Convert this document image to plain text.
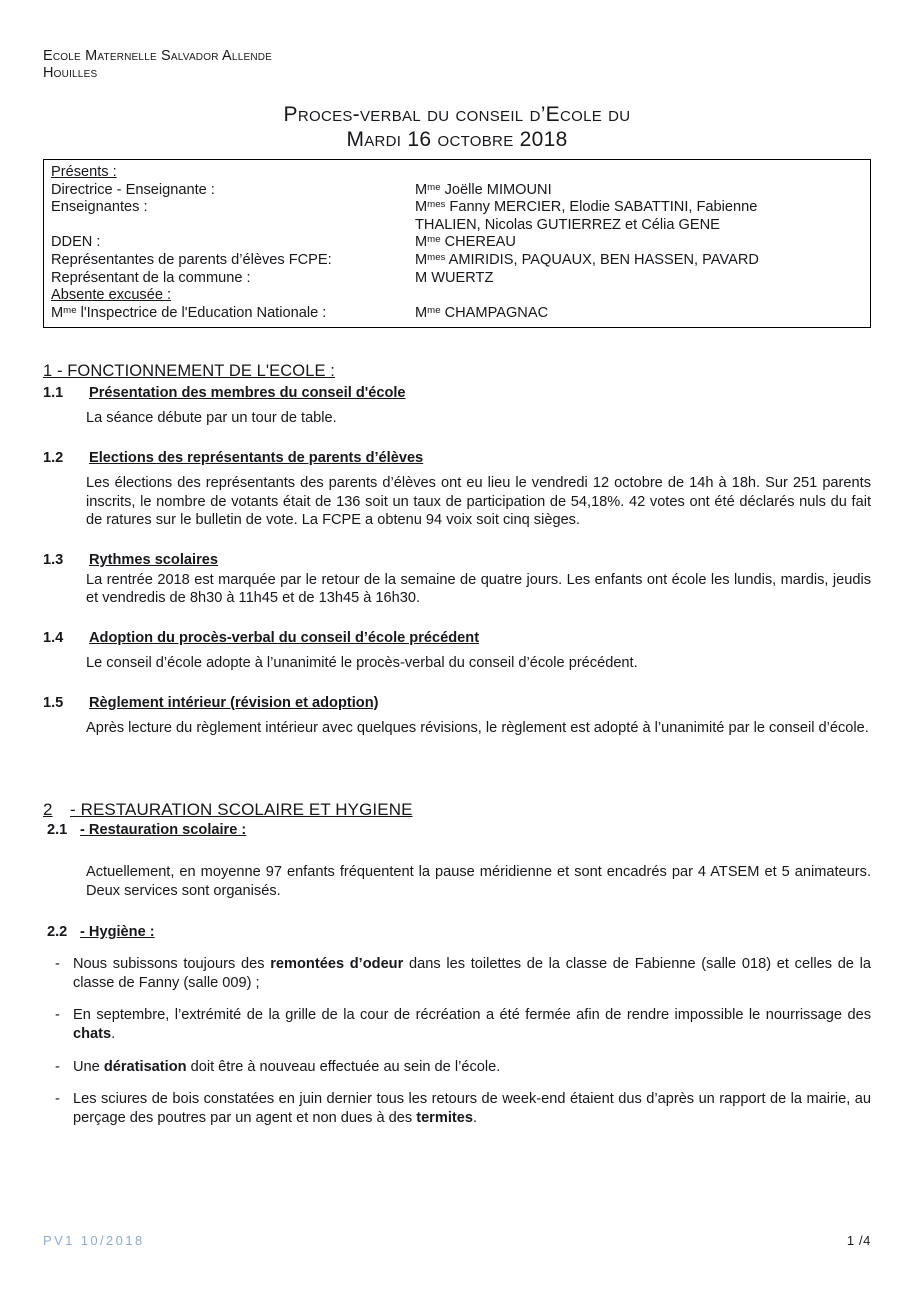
Ecole Maternelle Salvador Allende
Houilles
Proces-verbal du conseil d’Ecole du
Mardi 16 octobre 2018
Présents :
Directrice - Enseignante :	$M^{me}$ Joëlle MIMOUNI
Enseignantes :	$M^{mes}$ Fanny MERCIER, Elodie SABATTINI, Fabienne
THALIEN, Nicolas GUTIERREZ et Célia GENE
DDEN :	$M^{me}$ CHEREAU
Représentantes de parents d’élèves FCPE:	$M^{mes}$ AMIRIDIS, PAQUAUX, BEN HASSEN, PAVARD
Représentant de la commune :	M WUERTZ
Absente excusée :
$M^{me}$ l'Inspectrice de l'Education Nationale :	$M^{me}$ CHAMPAGNAC
1 - FONCTIONNEMENT DE L'ECOLE :
1.1	Présentation des membres du conseil d'école

La séance débute par un tour de table.

1.2	Elections des représentants de parents d’élèves

Les élections des représentants des parents d’élèves ont eu lieu le vendredi 12 octobre de 14h à 18h. Sur 251 parents inscrits, le nombre de votants était de 136 soit un taux de participation de 54,18%. 42 votes ont été déclarés nuls du fait de ratures sur le bulletin de vote. La FCPE a obtenu 94 voix soit cinq sièges.

1.3	Rythmes scolaires

La rentrée 2018 est marquée par le retour de la semaine de quatre jours. Les enfants ont école les lundis, mardis, jeudis et vendredis de 8h30 à 11h45 et de 13h45 à 16h30.

1.4	Adoption du procès-verbal du conseil d’école précédent

Le conseil d’école adopte à l’unanimité le procès-verbal du conseil d’école précédent.

1.5	Règlement intérieur (révision et adoption)

Après lecture du règlement intérieur avec quelques révisions, le règlement est adopté à l’unanimité par le conseil d’école.

2	- RESTAURATION SCOLAIRE ET HYGIENE
2.1 - Restauration scolaire :

Actuellement, en moyenne 97 enfants fréquentent la pause méridienne et sont encadrés par 4 ATSEM et 5 animateurs. Deux services sont organisés.

2.2 - Hygiène :
- Nous subissons toujours des remontées d’odeur dans les toilettes de la classe de Fabienne (salle 018) et celles de la classe de Fanny (salle 009) ;
- En septembre, l’extrémité de la grille de la cour de récréation a été fermée afin de rendre impossible le nourrissage des chats.
- Une dératisation doit être à nouveau effectuée au sein de l’école.
- Les sciures de bois constatées en juin dernier tous les retours de week-end étaient dus d’après un rapport de la mairie, au perçage des poutres par un agent et non dues à des termites.
PV1 10/2018	1 /4
